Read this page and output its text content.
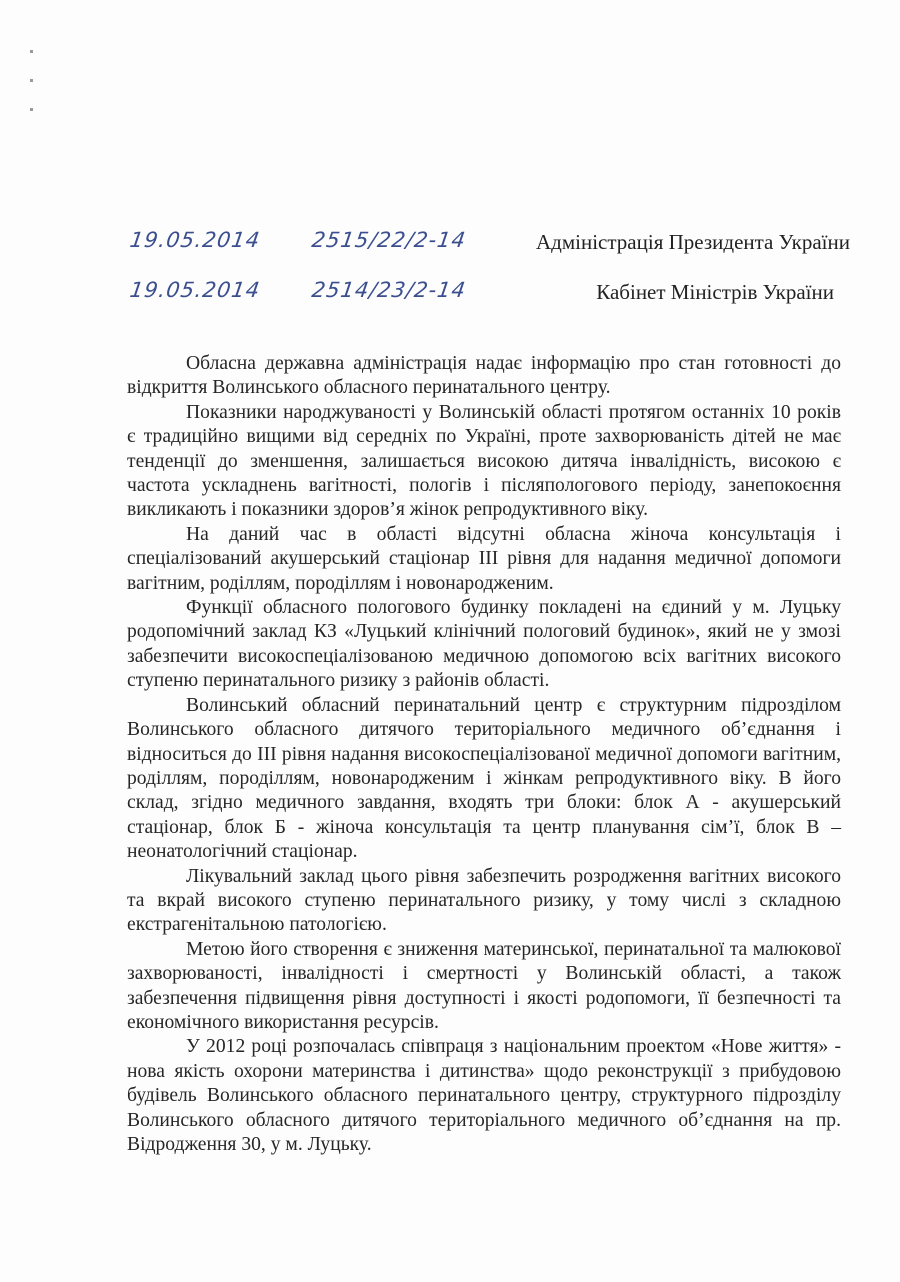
19.05.2014 2515/22/2-14	Адміністрація Президента України
19.05.2014 2514/23/2-14	Кабінет Міністрів України

Обласна державна адміністрація надає інформацію про стан готовності до відкриття Волинського обласного перинатального центру.

Показники народжуваності у Волинській області протягом останніх 10 років є традиційно вищими від середніх по Україні, проте захворюваність дітей не має тенденції до зменшення, залишається високою дитяча інвалідність, високою є частота ускладнень вагітності, пологів і післяпологового періоду, занепокоєння викликають і показники здоров’я жінок репродуктивного віку.

На даний час в області відсутні обласна жіноча консультація і спеціалізований акушерський стаціонар ІІІ рівня для надання медичної допомоги вагітним, роділлям, породіллям і новонародженим.

Функції обласного пологового будинку покладені на єдиний у м. Луцьку родопомічний заклад КЗ «Луцький клінічний пологовий будинок», який не у змозі забезпечити високоспеціалізованою медичною допомогою всіх вагітних високого ступеню перинатального ризику з районів області.

Волинський обласний перинатальний центр є структурним підрозділом Волинського обласного дитячого територіального медичного об’єднання і відноситься до ІІІ рівня надання високоспеціалізованої медичної допомоги вагітним, роділлям, породіллям, новонародженим і жінкам репродуктивного віку. В його склад, згідно медичного завдання, входять три блоки: блок А - акушерський стаціонар, блок Б - жіноча консультація та центр планування сім’ї, блок В – неонатологічний стаціонар.

Лікувальний заклад цього рівня забезпечить розродження вагітних високого та вкрай високого ступеню перинатального ризику, у тому числі з складною екстрагенітальною патологією.

Метою його створення є зниження материнської, перинатальної та малюкової захворюваності, інвалідності і смертності у Волинській області, а також забезпечення підвищення рівня доступності і якості родопомоги, її безпечності та економічного використання ресурсів.

У 2012 році розпочалась співпраця з національним проектом «Нове життя» - нова якість охорони материнства і дитинства» щодо реконструкції з прибудовою будівель Волинського обласного перинатального центру, структурного підрозділу Волинського обласного дитячого територіального медичного об’єднання на пр. Відродження 30, у м. Луцьку.
